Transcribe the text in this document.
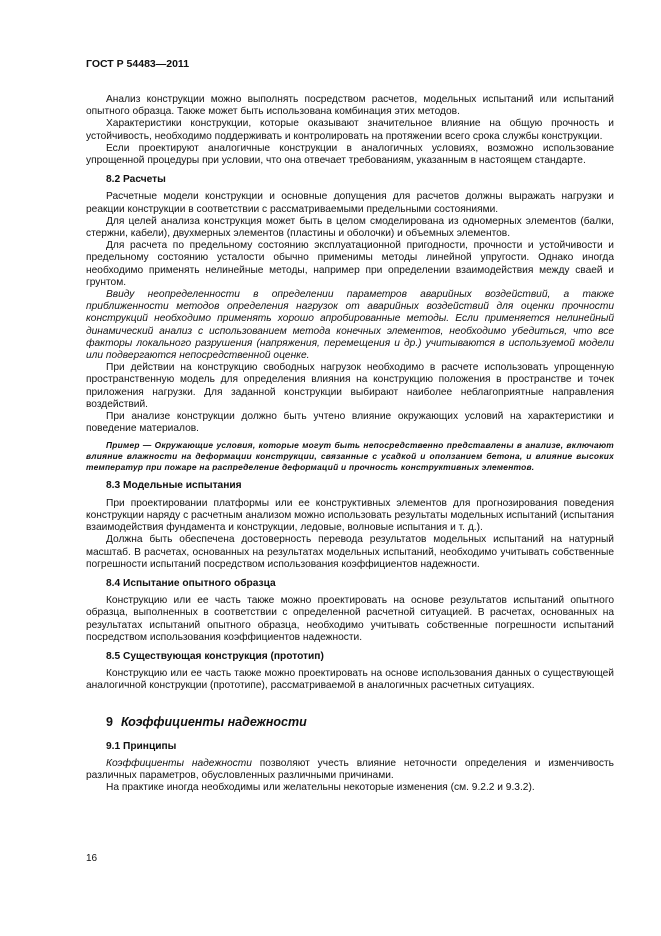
ГОСТ Р 54483—2011

Анализ конструкции можно выполнять посредством расчетов, модельных испытаний или испытаний опытного образца. Также может быть использована комбинация этих методов.

Характеристики конструкции, которые оказывают значительное влияние на общую прочность и устойчивость, необходимо поддерживать и контролировать на протяжении всего срока службы конструкции.

Если проектируют аналогичные конструкции в аналогичных условиях, возможно использование упрощенной процедуры при условии, что она отвечает требованиям, указанным в настоящем стандарте.

8.2 Расчеты

Расчетные модели конструкции и основные допущения для расчетов должны выражать нагрузки и реакции конструкции в соответствии с рассматриваемыми предельными состояниями.

Для целей анализа конструкция может быть в целом смоделирована из одномерных элементов (балки, стержни, кабели), двухмерных элементов (пластины и оболочки) и объемных элементов.

Для расчета по предельному состоянию эксплуатационной пригодности, прочности и устойчивости и предельному состоянию усталости обычно применимы методы линейной упругости. Однако иногда необходимо применять нелинейные методы, например при определении взаимодействия между сваей и грунтом.

Ввиду неопределенности в определении параметров аварийных воздействий, а также приближенности методов определения нагрузок от аварийных воздействий для оценки прочности конструкций необходимо применять хорошо апробированные методы. Если применяется нелинейный динамический анализ с использованием метода конечных элементов, необходимо убедиться, что все факторы локального разрушения (напряжения, перемещения и др.) учитываются в используемой модели или подвергаются непосредственной оценке.

При действии на конструкцию свободных нагрузок необходимо в расчете использовать упрощенную пространственную модель для определения влияния на конструкцию положения в пространстве и точек приложения нагрузки. Для заданной конструкции выбирают наиболее неблагоприятные направления воздействий.

При анализе конструкции должно быть учтено влияние окружающих условий на характеристики и поведение материалов.

Пример — Окружающие условия, которые могут быть непосредственно представлены в анализе, включают влияние влажности на деформации конструкции, связанные с усадкой и оползанием бетона, и влияние высоких температур при пожаре на распределение деформаций и прочность конструктивных элементов.
8.3 Модельные испытания

При проектировании платформы или ее конструктивных элементов для прогнозирования поведения конструкции наряду с расчетным анализом можно использовать результаты модельных испытаний (испытания взаимодействия фундамента и конструкции, ледовые, волновые испытания и т. д.).

Должна быть обеспечена достоверность перевода результатов модельных испытаний на натурный масштаб. В расчетах, основанных на результатах модельных испытаний, необходимо учитывать собственные погрешности испытаний посредством использования коэффициентов надежности.

8.4 Испытание опытного образца

Конструкцию или ее часть также можно проектировать на основе результатов испытаний опытного образца, выполненных в соответствии с определенной расчетной ситуацией. В расчетах, основанных на результатах испытаний опытного образца, необходимо учитывать собственные погрешности испытаний посредством использования коэффициентов надежности.

8.5 Существующая конструкция (прототип)

Конструкцию или ее часть также можно проектировать на основе использования данных о существующей аналогичной конструкции (прототипе), рассматриваемой в аналогичных расчетных ситуациях.

9 Коэффициенты надежности
9.1 Принципы

Коэффициенты надежности позволяют учесть влияние неточности определения и изменчивость различных параметров, обусловленных различными причинами.

На практике иногда необходимы или желательны некоторые изменения (см. 9.2.2 и 9.3.2).

16
